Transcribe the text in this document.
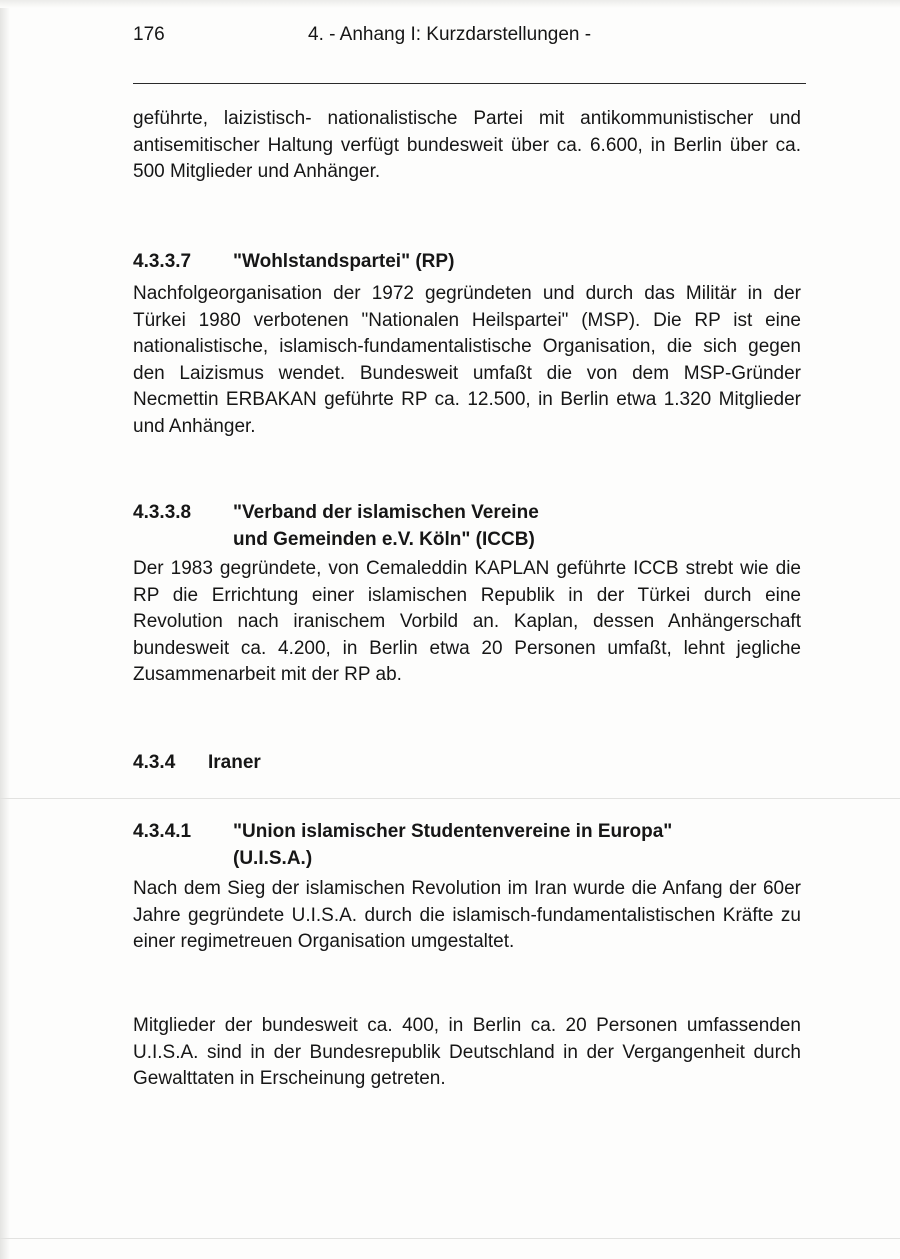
176	4. - Anhang I: Kurzdarstellungen -

geführte, laizistisch- nationalistische Partei mit antikommunistischer und antisemitischer Haltung verfügt bundesweit über ca. 6.600, in Berlin über ca. 500 Mitglieder und Anhänger.

4.3.3.7 "Wohlstandspartei" (RP)

Nachfolgeorganisation der 1972 gegründeten und durch das Militär in der Türkei 1980 verbotenen "Nationalen Heilspartei" (MSP). Die RP ist eine nationalistische, islamisch-fundamentalistische Organisation, die sich gegen den Laizismus wendet. Bundesweit umfaßt die von dem MSP-Gründer Necmettin ERBAKAN geführte RP ca. 12.500, in Berlin etwa 1.320 Mitglieder und Anhänger.

4.3.3.8 "Verband der islamischen Vereine
und Gemeinden e.V. Köln" (ICCB)

Der 1983 gegründete, von Cemaleddin KAPLAN geführte ICCB strebt wie die RP die Errichtung einer islamischen Republik in der Türkei durch eine Revolution nach iranischem Vorbild an. Kaplan, dessen Anhängerschaft bundesweit ca. 4.200, in Berlin etwa 20 Personen umfaßt, lehnt jegliche Zusammenarbeit mit der RP ab.

4.3.4 Iraner
4.3.4.1 "Union islamischer Studentenvereine in Europa"
(U.I.S.A.)

Nach dem Sieg der islamischen Revolution im Iran wurde die Anfang der 60er Jahre gegründete U.I.S.A. durch die islamisch-fundamentalistischen Kräfte zu einer regimetreuen Organisation umgestaltet.

Mitglieder der bundesweit ca. 400, in Berlin ca. 20 Personen umfassenden U.I.S.A. sind in der Bundesrepublik Deutschland in der Vergangenheit durch Gewalttaten in Erscheinung getreten.
